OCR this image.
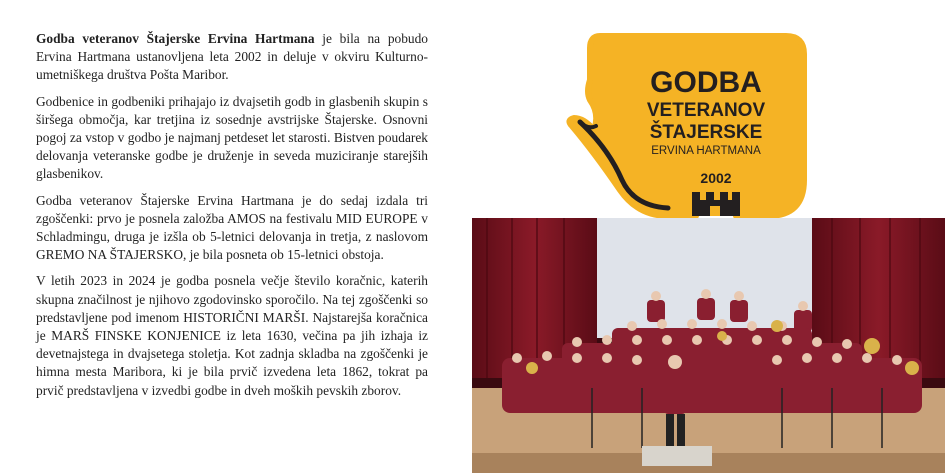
Godba veteranov Štajerske Ervina Hartmana je bila na pobudo Ervina Hartmana ustanovljena leta 2002 in deluje v okviru Kulturno-umetniškega društva Pošta Maribor.

Godbenice in godbeniki prihajajo iz dvajsetih godb in glasbenih skupin s širšega območja, kar tretjina iz sosednje avstrijske Štajerske. Osnovni pogoj za vstop v godbo je najmanj petdeset let starosti. Bistven poudarek delovanja veteranske godbe je druženje in seveda muziciranje starejših glasbenikov.

Godba veteranov Štajerske Ervina Hartmana je do sedaj izdala tri zgoščenki: prvo je posnela založba AMOS na festivalu MID EUROPE v Schladmingu, druga je izšla ob 5-letnici delovanja in tretja, z naslovom GREMO NA ŠTAJERSKO, je bila posneta ob 15-letnici obstoja.

V letih 2023 in 2024 je godba posnela večje število koračnic, katerih skupna značilnost je njihovo zgodovinsko sporočilo. Na tej zgoščenki so predstavljene pod imenom HISTORIČNI MARŠI. Najstarejša koračnica je MARŠ FINSKE KONJENICE iz leta 1630, večina pa jih izhaja iz devetnajstega in dvajsetega stoletja. Kot zadnja skladba na zgoščenki je himna mesta Maribora, ki je bila prvič izvedena leta 1862, tokrat pa prvič predstavljena v izvedbi godbe in dveh moških pevskih zborov.

GODBA
VETERANOV
ŠTAJERSKE
ERVINA HARTMANA
2002
